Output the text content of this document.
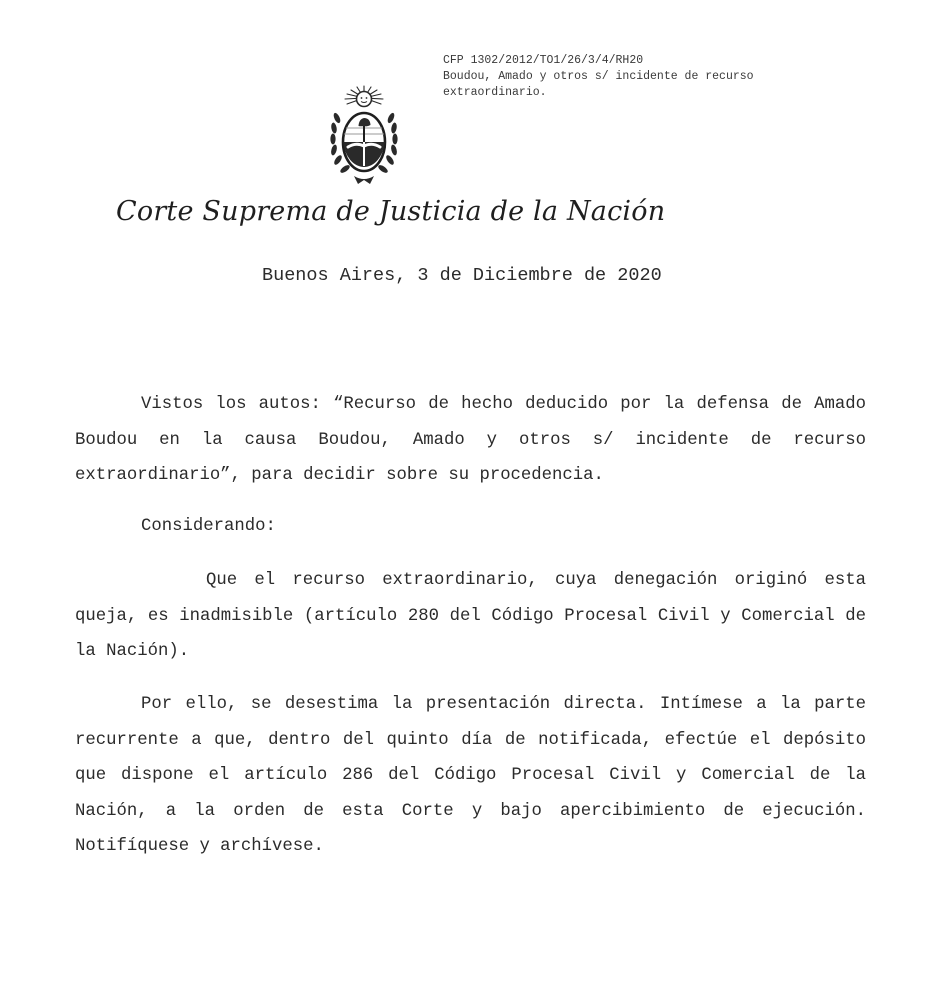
CFP 1302/2012/TO1/26/3/4/RH20
Boudou, Amado y otros s/ incidente de recurso
extraordinario.
Corte Suprema de Justicia de la Nación
Buenos Aires, 3 de Diciembre de 2020

Vistos los autos: “Recurso de hecho deducido por la defensa de Amado Boudou en la causa Boudou, Amado y otros s/ incidente de recurso extraordinario”, para decidir sobre su procedencia.

Considerando:

Que el recurso extraordinario, cuya denegación originó esta queja, es inadmisible (artículo 280 del Código Procesal Civil y Comercial de la Nación).

Por ello, se desestima la presentación directa. Intímese a la parte recurrente a que, dentro del quinto día de notificada, efectúe el depósito que dispone el artículo 286 del Código Procesal Civil y Comercial de la Nación, a la orden de esta Corte y bajo apercibimiento de ejecución. Notifíquese y archívese.
